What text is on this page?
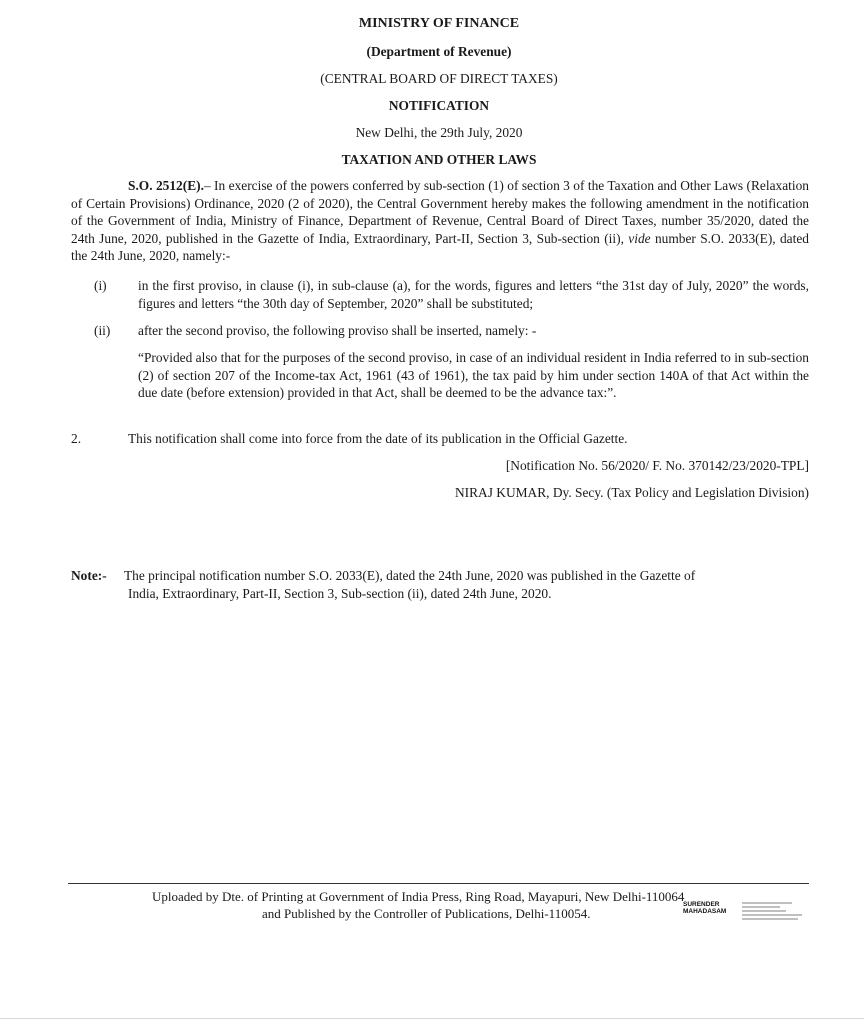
MINISTRY OF FINANCE
(Department of Revenue)
(CENTRAL BOARD OF DIRECT TAXES)
NOTIFICATION
New Delhi, the 29th July, 2020
TAXATION AND OTHER LAWS
S.O. 2512(E).– In exercise of the powers conferred by sub-section (1) of section 3 of the Taxation and Other Laws (Relaxation of Certain Provisions) Ordinance, 2020 (2 of 2020), the Central Government hereby makes the following amendment in the notification of the Government of India, Ministry of Finance, Department of Revenue, Central Board of Direct Taxes, number 35/2020, dated the 24th June, 2020, published in the Gazette of India, Extraordinary, Part-II, Section 3, Sub-section (ii), vide number S.O. 2033(E), dated the 24th June, 2020, namely:-
(i) in the first proviso, in clause (i), in sub-clause (a), for the words, figures and letters “the 31st day of July, 2020” the words, figures and letters “the 30th day of September, 2020” shall be substituted;
(ii) after the second proviso, the following proviso shall be inserted, namely: -
“Provided also that for the purposes of the second proviso, in case of an individual resident in India referred to in sub-section (2) of section 207 of the Income-tax Act, 1961 (43 of 1961), the tax paid by him under section 140A of that Act within the due date (before extension) provided in that Act, shall be deemed to be the advance tax:”.
2.	This notification shall come into force from the date of its publication in the Official Gazette.
[Notification No. 56/2020/ F. No. 370142/23/2020-TPL]
NIRAJ KUMAR, Dy. Secy. (Tax Policy and Legislation Division)
Note:- The principal notification number S.O. 2033(E), dated the 24th June, 2020 was published in the Gazette of
India, Extraordinary, Part-II, Section 3, Sub-section (ii), dated 24th June, 2020.
Uploaded by Dte. of Printing at Government of India Press, Ring Road, Mayapuri, New Delhi-110064
and Published by the Controller of Publications, Delhi-110054.
SURENDER
MAHADASAM
